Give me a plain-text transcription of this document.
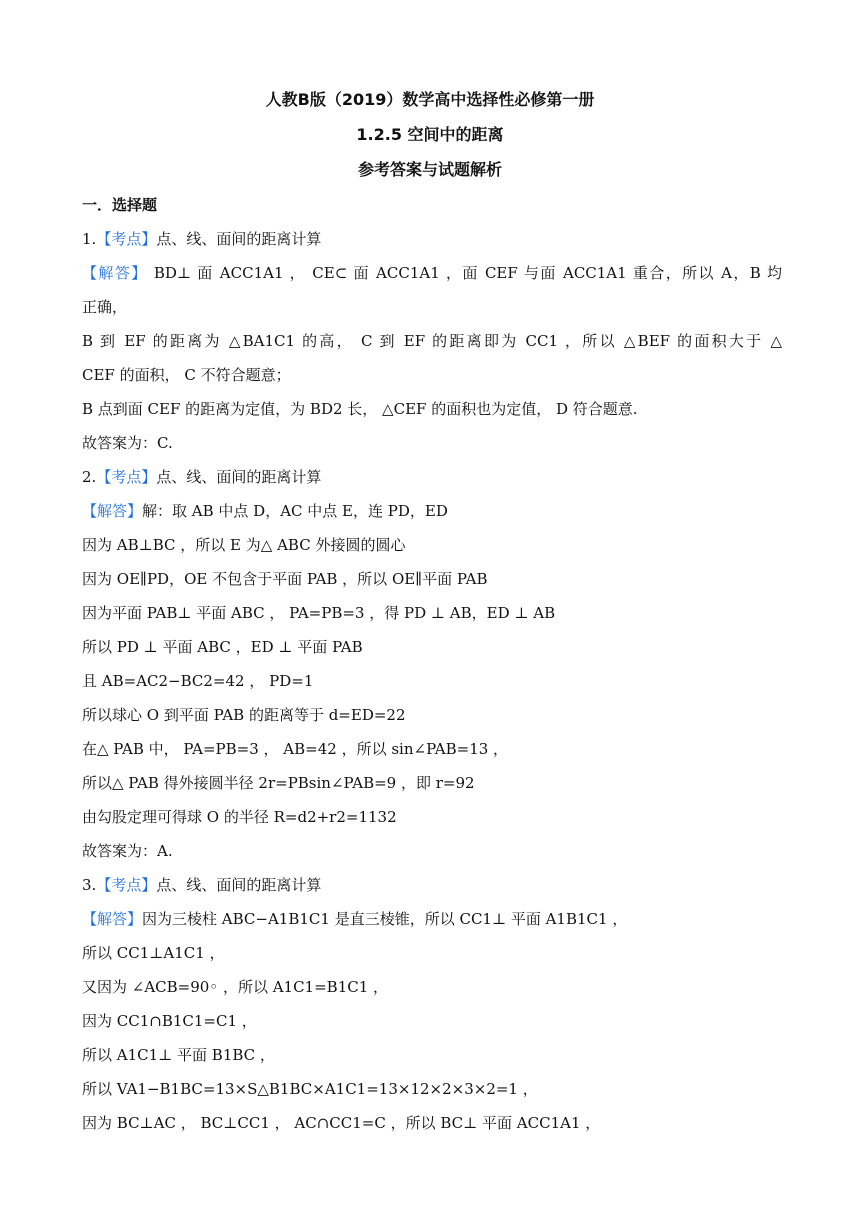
人教B版（2019）数学高中选择性必修第一册
1.2.5 空间中的距离
参考答案与试题解析
一．选择题
1.【考点】点、线、面间的距离计算
【解答】 BD⊥ 面 ACC1A1 ， CE⊂ 面 ACC1A1 ，面 CEF 与面 ACC1A1 重合，所以 A，B 均
正确，
B 到 EF 的距离为 △BA1C1 的高， C 到 EF 的距离即为 CC1 ，所以 △BEF 的面积大于 △
CEF 的面积， C 不符合题意；
B 点到面 CEF 的距离为定值，为 BD2 长， △CEF 的面积也为定值， D 符合题意.
故答案为：C.
2.【考点】点、线、面间的距离计算
【解答】解：取 AB 中点 D，AC 中点 E，连 PD，ED
因为 AB⊥BC ，所以 E 为△ ABC 外接圆的圆心
因为 OE∥PD，OE 不包含于平面 PAB ，所以 OE∥平面 PAB
因为平面 PAB⊥ 平面 ABC ， PA=PB=3 ，得 PD ⊥ AB，ED ⊥ AB
所以 PD ⊥ 平面 ABC ，ED ⊥ 平面 PAB
且 AB=AC2−BC2=42 ， PD=1
所以球心 O 到平面 PAB 的距离等于 d=ED=22
在△ PAB 中， PA=PB=3 ， AB=42 ，所以 sin∠PAB=13 ，
所以△ PAB 得外接圆半径 2r=PBsin∠PAB=9 ，即 r=92
由勾股定理可得球 O 的半径 R=d2+r2=1132
故答案为：A.
3.【考点】点、线、面间的距离计算
【解答】因为三棱柱 ABC−A1B1C1 是直三棱锥，所以 CC1⊥ 平面 A1B1C1 ，
所以 CC1⊥A1C1 ，
又因为 ∠ACB=90◦ ，所以 A1C1=B1C1 ，
因为 CC1∩B1C1=C1 ，
所以 A1C1⊥ 平面 B1BC ，
所以 VA1−B1BC=13×S△B1BC×A1C1=13×12×2×3×2=1 ，
因为 BC⊥AC ， BC⊥CC1 ， AC∩CC1=C ，所以 BC⊥ 平面 ACC1A1 ，
